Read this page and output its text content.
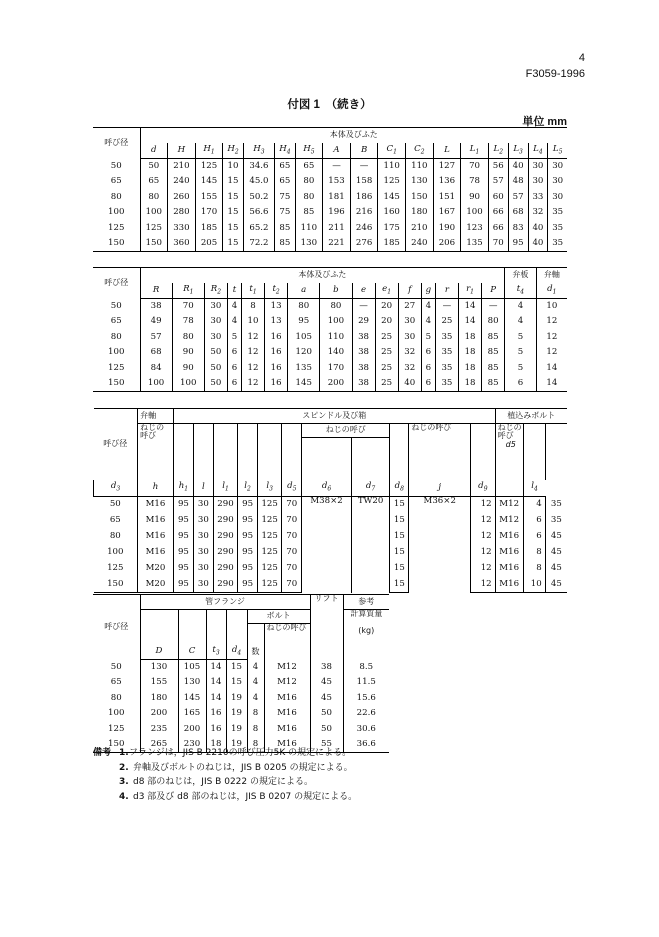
4
F3059-1996
付図 1　（続き）
単位 mm
呼び径	本体及びふた																
	d	H	$H_1$	$H_2$	$H_3$	$H_4$	$H_5$	A	B	$C_1$	$C_2$	L	$L_1$	$L_2$	$L_3$	$L_4$	$L_5$
50	50	210	125	10	34.6	65	65	—	—	110	110	127	70	56	40	30	30
65	65	240	145	15	45.0	65	80	153	158	125	130	136	78	57	48	30	30
80	80	260	155	15	50.2	75	80	181	186	145	150	151	90	60	57	33	30
100	100	280	170	15	56.6	75	85	196	216	160	180	167	100	66	68	32	35
125	125	330	185	15	65.2	85	110	211	246	175	210	190	123	66	83	40	35
150	150	360	205	15	72.2	85	130	221	276	185	240	206	135	70	95	40	35
呼び径	本体及びふた															弁板	弁軸
	R	$R_1$	$R_2$	t	$t_1$	$t_2$	a	b	e	$e_1$	f	g	r	$r_1$	P	$t_4$	$d_1$
50	38	70	30	4	8	13	80	80	—	20	27	4	—	14	—	4	10
65	49	78	30	4	10	13	95	100	29	20	30	4	25	14	80	4	12
80	57	80	30	5	12	16	105	110	38	25	30	5	35	18	85	5	12
100	68	90	50	6	12	16	120	140	38	25	32	6	35	18	85	5	12
125	84	90	50	6	12	16	135	170	38	25	32	6	35	18	85	5	14
150	100	100	50	6	12	16	145	200	38	25	40	6	35	18	85	6	14
呼び径	弁軸	スピンドル及び箱											植込みボルト		
	ねじの呼び							ねじの呼び			ねじの呼び		ねじの呼び
d5		

$d_3$	h	$h_1$	l	$l_1$	$l_2$	$l_3$	$d_5$	$d_6$	$d_7$	$d_8$	j	$d_9$		$l_4$
50	M16	95	30	290	95	125	70	M38×2	TW20	15	M36×2	12	M12	4	35
65	M16	95	30	290	95	125	70			15		12	M12	6	35
80	M16	95	30	290	95	125	70			15		12	M16	6	45
100	M16	95	30	290	95	125	70			15		12	M16	8	45
125	M20	95	30	290	95	125	70			15		12	M16	8	45
150	M20	95	30	290	95	125	70			15		12	M16	10	45
呼び径	管フランジ						リフト	参考
					ボルト			計算質量

(kg)
					数	ねじの呼び		
	D	C	$t_3$	$d_4$
50	130	105	14	15	4	M12	38	8.5
65	155	130	14	15	4	M12	45	11.5
80	180	145	14	19	4	M16	45	15.6
100	200	165	16	19	8	M16	50	22.6
125	235	200	16	19	8	M16	50	30.6
150	265	230	18	19	8	M16	55	36.6
備考 1.フランジは，JIS B 2210の呼び圧力5K の規定による。
2. 弁軸及びボルトのねじは，JIS B 0205 の規定による。
3. d8 部のねじは，JIS B 0222 の規定による。
4. d3 部及び d8 部のねじは，JIS B 0207 の規定による。
